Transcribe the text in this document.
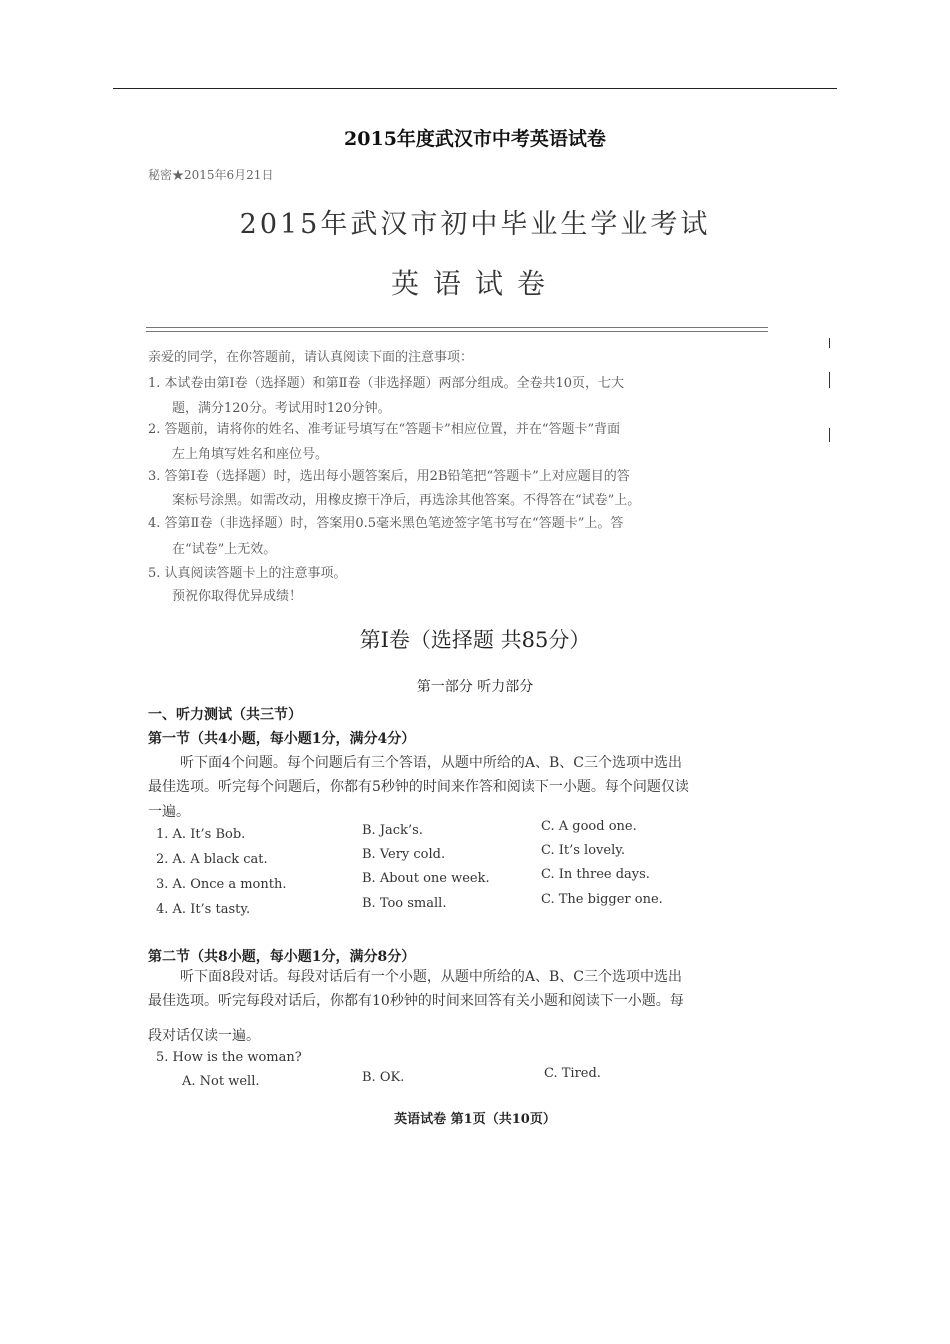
2015年度武汉市中考英语试卷
秘密★2015年6月21日
2015年武汉市初中毕业生学业考试
英语试卷
亲爱的同学，在你答题前，请认真阅读下面的注意事项：
1. 本试卷由第Ⅰ卷（选择题）和第Ⅱ卷（非选择题）两部分组成。全卷共10页，七大
题，满分120分。考试用时120分钟。
2. 答题前，请将你的姓名、准考证号填写在“答题卡”相应位置，并在“答题卡”背面
左上角填写姓名和座位号。
3. 答第Ⅰ卷（选择题）时，选出每小题答案后，用2B铅笔把“答题卡”上对应题目的答
案标号涂黑。如需改动，用橡皮擦干净后，再选涂其他答案。不得答在“试卷”上。
4. 答第Ⅱ卷（非选择题）时，答案用0.5毫米黑色笔迹签字笔书写在“答题卡”上。答
在“试卷”上无效。
5. 认真阅读答题卡上的注意事项。
预祝你取得优异成绩！
第Ⅰ卷（选择题 共85分）
第一部分 听力部分
一、听力测试（共三节）
第一节（共4小题，每小题1分，满分4分）
听下面4个问题。每个问题后有三个答语，从题中所给的A、B、C三个选项中选出
最佳选项。听完每个问题后，你都有5秒钟的时间来作答和阅读下一小题。每个问题仅读
一遍。
1. A. It’s Bob.	B. Jack’s.	C. A good one.
2. A. A black cat.	B. Very cold.	C. It’s lovely.
3. A. Once a month.	B. About one week.	C. In three days.
4. A. It’s tasty.	B. Too small.	C. The bigger one.
第二节（共8小题，每小题1分，满分8分）
听下面8段对话。每段对话后有一个小题，从题中所给的A、B、C三个选项中选出
最佳选项。听完每段对话后，你都有10秒钟的时间来回答有关小题和阅读下一小题。每
段对话仅读一遍。
5. How is the woman?
A. Not well.	B. OK.	C. Tired.
英语试卷 第1页（共10页）
